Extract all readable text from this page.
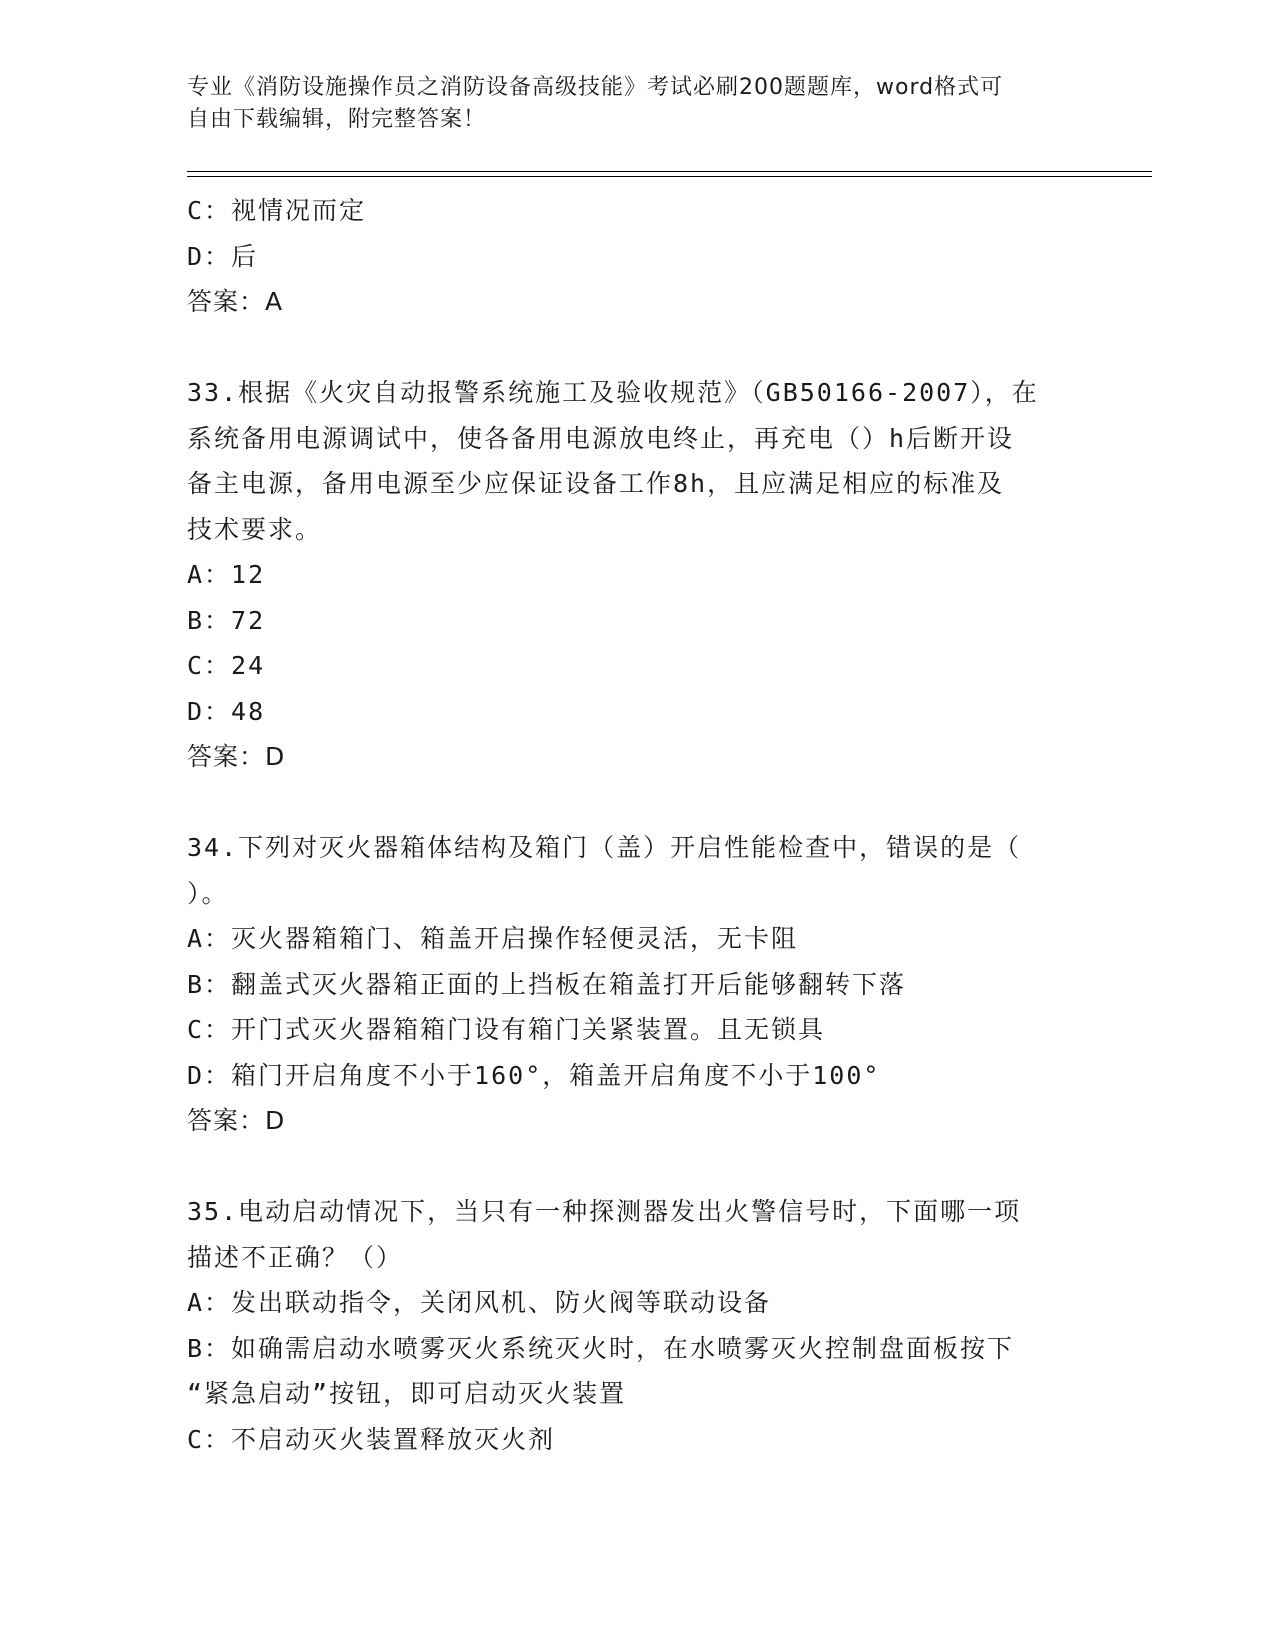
专业《消防设施操作员之消防设备高级技能》考试必刷200题题库，word格式可
自由下载编辑，附完整答案！

C：视情况而定

D：后

答案：A

33.根据《火灾自动报警系统施工及验收规范》（GB50166-2007），在

系统备用电源调试中，使各备用电源放电终止，再充电（）h后断开设

备主电源，备用电源至少应保证设备工作8h，且应满足相应的标准及

技术要求。

A：12

B：72

C：24

D：48

答案：D

34.下列对灭火器箱体结构及箱门（盖）开启性能检查中，错误的是（

）。

A：灭火器箱箱门、箱盖开启操作轻便灵活，无卡阻

B：翻盖式灭火器箱正面的上挡板在箱盖打开后能够翻转下落

C：开门式灭火器箱箱门设有箱门关紧装置。且无锁具

D：箱门开启角度不小于160°，箱盖开启角度不小于100°

答案：D

35.电动启动情况下，当只有一种探测器发出火警信号时，下面哪一项

描述不正确？（）

A：发出联动指令，关闭风机、防火阀等联动设备

B：如确需启动水喷雾灭火系统灭火时，在水喷雾灭火控制盘面板按下

“紧急启动”按钮，即可启动灭火装置

C：不启动灭火装置释放灭火剂
